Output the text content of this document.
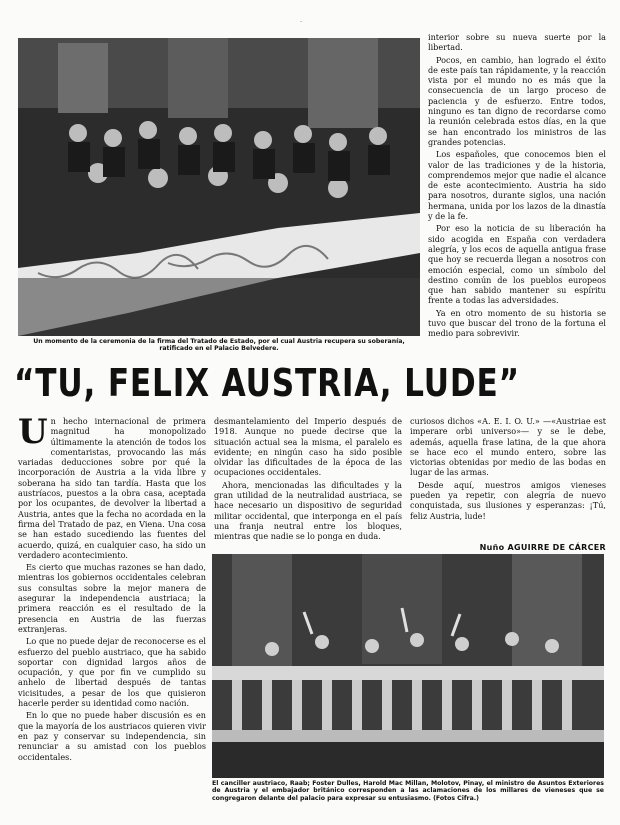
·
Un momento de la ceremonia de la firma del Tratado de Estado, por el cual Austria recupera su soberanía, ratificado en el Palacio Belvedere.
“TU, FELIX AUSTRIA, LUDE”
U n hecho internacional de primera magnitud ha monopolizado últimamente la atención de todos los comentaristas, provocando las más variadas deducciones sobre por qué la incorporación de Austria a la vida libre y soberana ha sido tan tardía. Hasta que los austríacos, puestos a la obra casa, aceptada por los ocupantes, de devolver la libertad a Austria, antes que la fecha no acordada en la firma del Tratado de paz, en Viena. Una cosa se han estado sucediendo las fuentes del acuerdo, quizá, en cualquier caso, ha sido un verdadero acontecimiento.

Es cierto que muchas razones se han dado, mientras los gobiernos occidentales celebran sus consultas sobre la mejor manera de asegurar la independencia austriaca; la primera reacción es el resultado de la presencia en Austria de las fuerzas extranjeras.

Lo que no puede dejar de reconocerse es el esfuerzo del pueblo austriaco, que ha sabido soportar con dignidad largos años de ocupación, y que por fin ve cumplido su anhelo de libertad después de tantas vicisitudes, a pesar de los que quisieron hacerle perder su identidad como nación.

En lo que no puede haber discusión es en que la mayoría de los austriacos quieren vivir en paz y conservar su independencia, sin renunciar a su amistad con los pueblos occidentales.

desmantelamiento del Imperio después de 1918. Aunque no puede decirse que la situación actual sea la misma, el paralelo es evidente; en ningún caso ha sido posible olvidar las dificultades de la época de las ocupaciones occidentales.

Ahora, mencionadas las dificultades y la gran utilidad de la neutralidad austriaca, se hace necesario un dispositivo de seguridad militar occidental, que interponga en el país una franja neutral entre los bloques, mientras que nadie se lo ponga en duda.

interior sobre su nueva suerte por la libertad.

Pocos, en cambio, han logrado el éxito de este país tan rápidamente, y la reacción vista por el mundo no es más que la consecuencia de un largo proceso de paciencia y de esfuerzo. Entre todos, ninguno es tan digno de recordarse como la reunión celebrada estos días, en la que se han encontrado los ministros de las grandes potencias.

Los españoles, que conocemos bien el valor de las tradiciones y de la historia, comprendemos mejor que nadie el alcance de este acontecimiento. Austria ha sido para nosotros, durante siglos, una nación hermana, unida por los lazos de la dinastía y de la fe.

Por eso la noticia de su liberación ha sido acogida en España con verdadera alegría, y los ecos de aquella antigua frase que hoy se recuerda llegan a nosotros con emoción especial, como un símbolo del destino común de los pueblos europeos que han sabido mantener su espíritu frente a todas las adversidades.

Ya en otro momento de su historia se tuvo que buscar del trono de la fortuna el medio para sobrevivir.

curiosos dichos «A. E. I. O. U.» —«Austriae est imperare orbi universo»— y se le debe, además, aquella frase latina, de la que ahora se hace eco el mundo entero, sobre las victorias obtenidas por medio de las bodas en lugar de las armas.

Desde aquí, nuestros amigos vieneses pueden ya repetir, con alegría de nuevo conquistada, sus ilusiones y esperanzas: ¡Tú, feliz Austria, lude!

Nuño AGUIRRE DE CÁRCER
El canciller austriaco, Raab; Foster Dulles, Harold Mac Millan, Molotov, Pinay, el ministro de Asuntos Exteriores de Austria y el embajador británico corresponden a las aclamaciones de los millares de vieneses que se congregaron delante del palacio para expresar su entusiasmo. (Fotos Cifra.)
